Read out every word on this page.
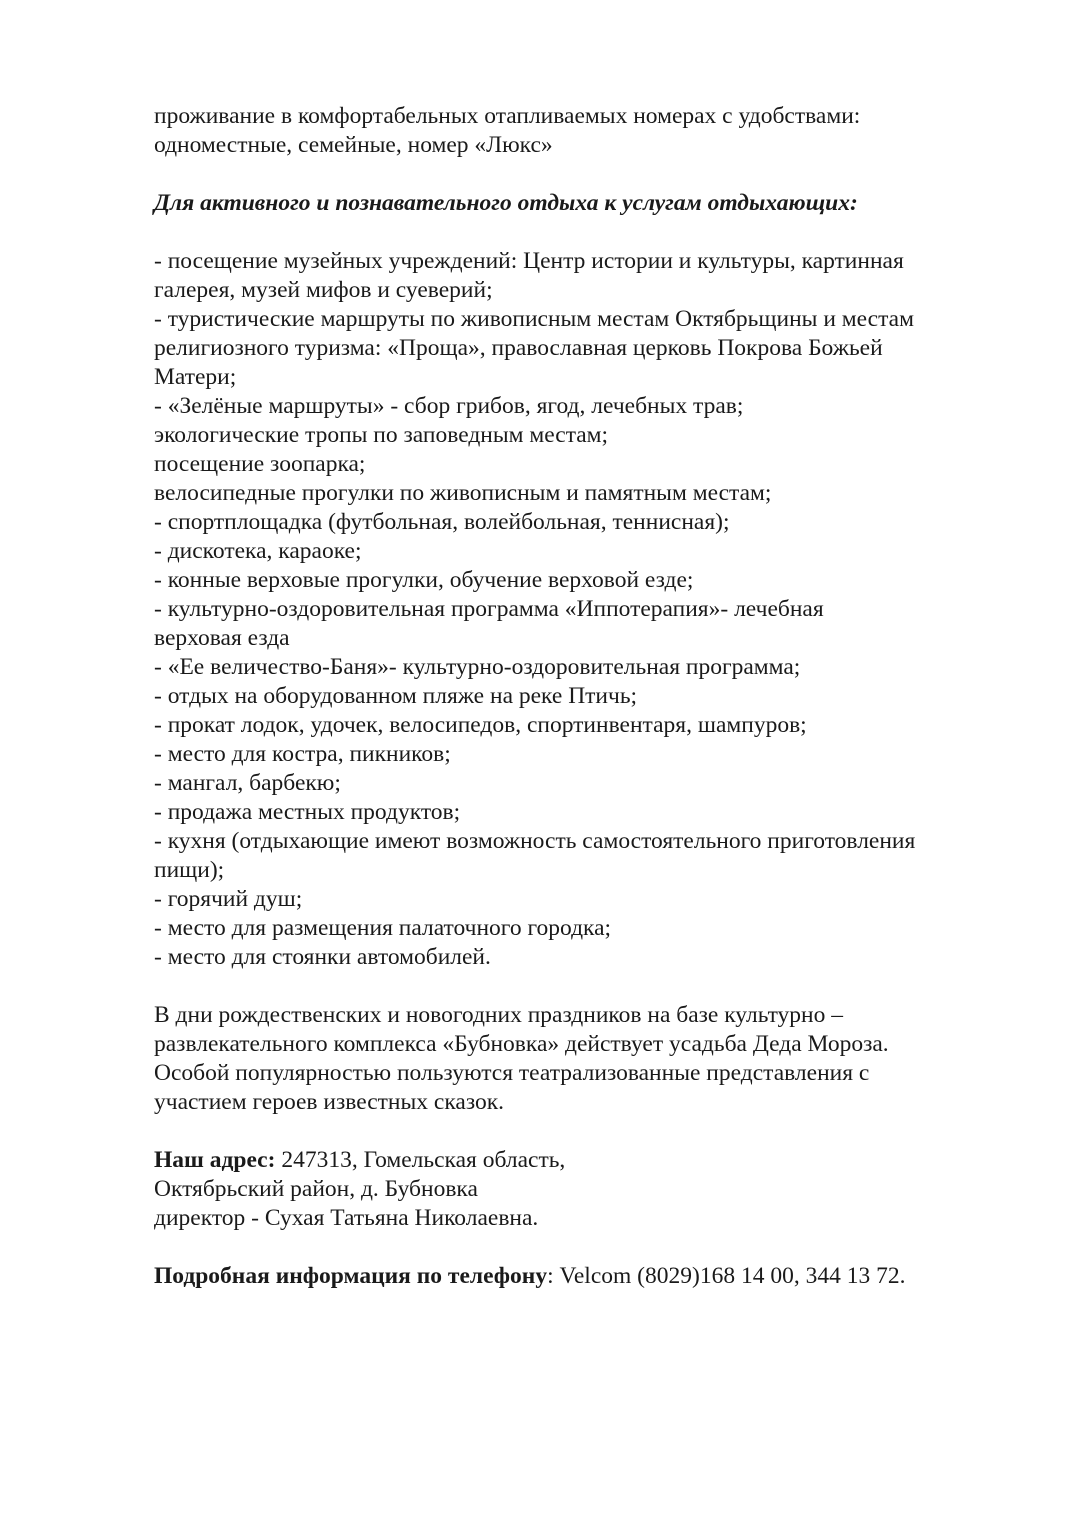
проживание в комфортабельных отапливаемых номерах с удобствами:
одноместные, семейные, номер «Люкс»

Для активного и познавательного отдыха к услугам отдыхающих:

- посещение музейных учреждений: Центр истории и культуры, картинная
галерея, музей мифов и суеверий;
- туристические маршруты по живописным местам Октябрьщины и местам
религиозного туризма: «Проща», православная церковь Покрова Божьей
Матери;
- «Зелёные маршруты» - сбор грибов, ягод, лечебных трав;
экологические тропы по заповедным местам;
посещение зоопарка;
велосипедные прогулки по живописным и памятным местам;
- спортплощадка (футбольная, волейбольная, теннисная);
- дискотека, караоке;
- конные верховые прогулки, обучение верховой езде;
- культурно-оздоровительная программа «Иппотерапия»- лечебная
верховая езда
- «Ее величество-Баня»- культурно-оздоровительная программа;
- отдых на оборудованном пляже на реке Птичь;
- прокат лодок, удочек, велосипедов, спортинвентаря, шампуров;
- место для костра, пикников;
- мангал, барбекю;
- продажа местных продуктов;
- кухня (отдыхающие имеют возможность самостоятельного приготовления
пищи);
- горячий душ;
- место для размещения палаточного городка;
- место для стоянки автомобилей.

В дни рождественских и новогодних праздников на базе культурно –
развлекательного комплекса «Бубновка» действует усадьба Деда Мороза.
Особой популярностью пользуются театрализованные представления с
участием героев известных сказок.

Наш адрес: 247313, Гомельская область,
Октябрьский район, д. Бубновка
директор - Сухая Татьяна Николаевна.

Подробная информация по телефону: Velcom (8029)168 14 00, 344 13 72.
